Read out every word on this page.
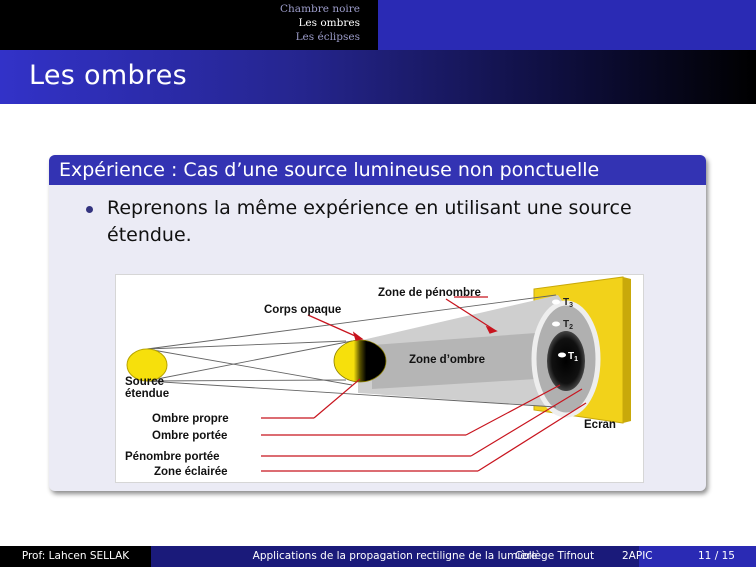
Chambre noire
Les ombres
Les éclipses
Les ombres
Expérience : Cas d’une source lumineuse non ponctuelle
Reprenons la même expérience en utilisant une source étendue.
Zone de pénombre
Corps opaque
Zone d’ombre
Source
étendue
Ombre propre
Ombre portée
Pénombre portée
Zone éclairée
Ecran
$T_3$
$T_2$
$T_1$
Prof: Lahcen SELLAK	Applications de la propagation rectiligne de la lumière
Collège Tifnout	2APIC	11 / 15
